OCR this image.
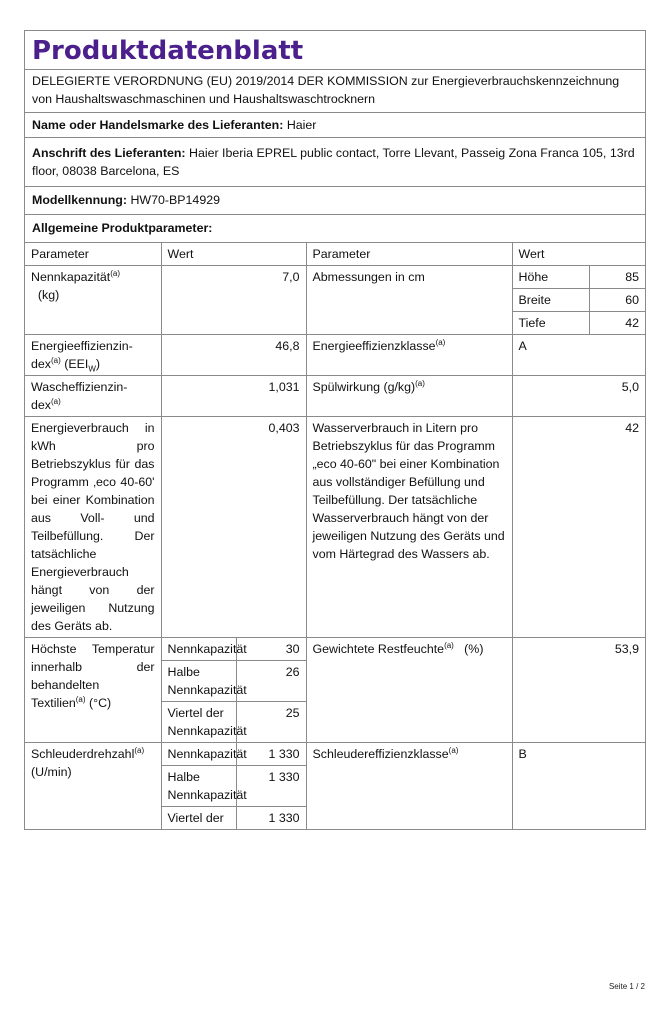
Produktdatenblatt
DELEGIERTE VERORDNUNG (EU) 2019/2014 DER KOMMISSION zur Energieverbrauchskennzeichnung von Haushaltswaschmaschinen und Haushaltswaschtrocknern
Name oder Handelsmarke des Lieferanten: Haier
Anschrift des Lieferanten: Haier Iberia EPREL public contact, Torre Llevant, Passeig Zona Franca 105, 13rd floor, 08038 Barcelona, ES
Modellkennung: HW70-BP14929
Allgemeine Produktparameter:
Parameter	Wert	Parameter	Wert
Nennkapazität$^{(a)}$
(kg)	7,0	Abmessungen in cm		Höhe	85
Breite	60
Tiefe	42

Energieeffizienzin-
dex$^{(a)}$ $(EEI_W)$	46,8	Energieeffizienzklasse$^{(a)}$	A
Wascheffizienzin-
dex$^{(a)}$	1,031	Spülwirkung $(g/kg)^{(a)}$	5,0
Energieverbrauch in kWh pro Betriebszyklus für das Programm ‚eco 40-60' bei einer Kombination aus Voll- und Teilbefüllung. Der tatsächliche Energieverbrauch hängt von der jeweiligen Nutzung des Geräts ab.	0,403	Wasserverbrauch in Litern pro Betriebszyklus für das Programm „eco 40-60" bei einer Kombination aus vollständiger Befüllung und Teilbefüllung. Der tatsächliche Wasserverbrauch hängt von der jeweiligen Nutzung des Geräts und vom Härtegrad des Wassers ab.	42
Höchste Temperatur innerhalb der behandelten Textilien$^{(a)}$ (°C)	
Nennkapazität	30
Halbe Nennkapazität	26
Viertel der Nennkapazität	25
	Gewichtete Restfeuchte$^{(a)}$ (%)	53,9
Schleuderdrehzahl$^{(a)}$  (U/min)	
Nennkapazität	1 330
Halbe Nennkapazität	1 330
Viertel der	1 330
	Schleudereffizienzklasse$^{(a)}$	B
Seite 1 / 2
